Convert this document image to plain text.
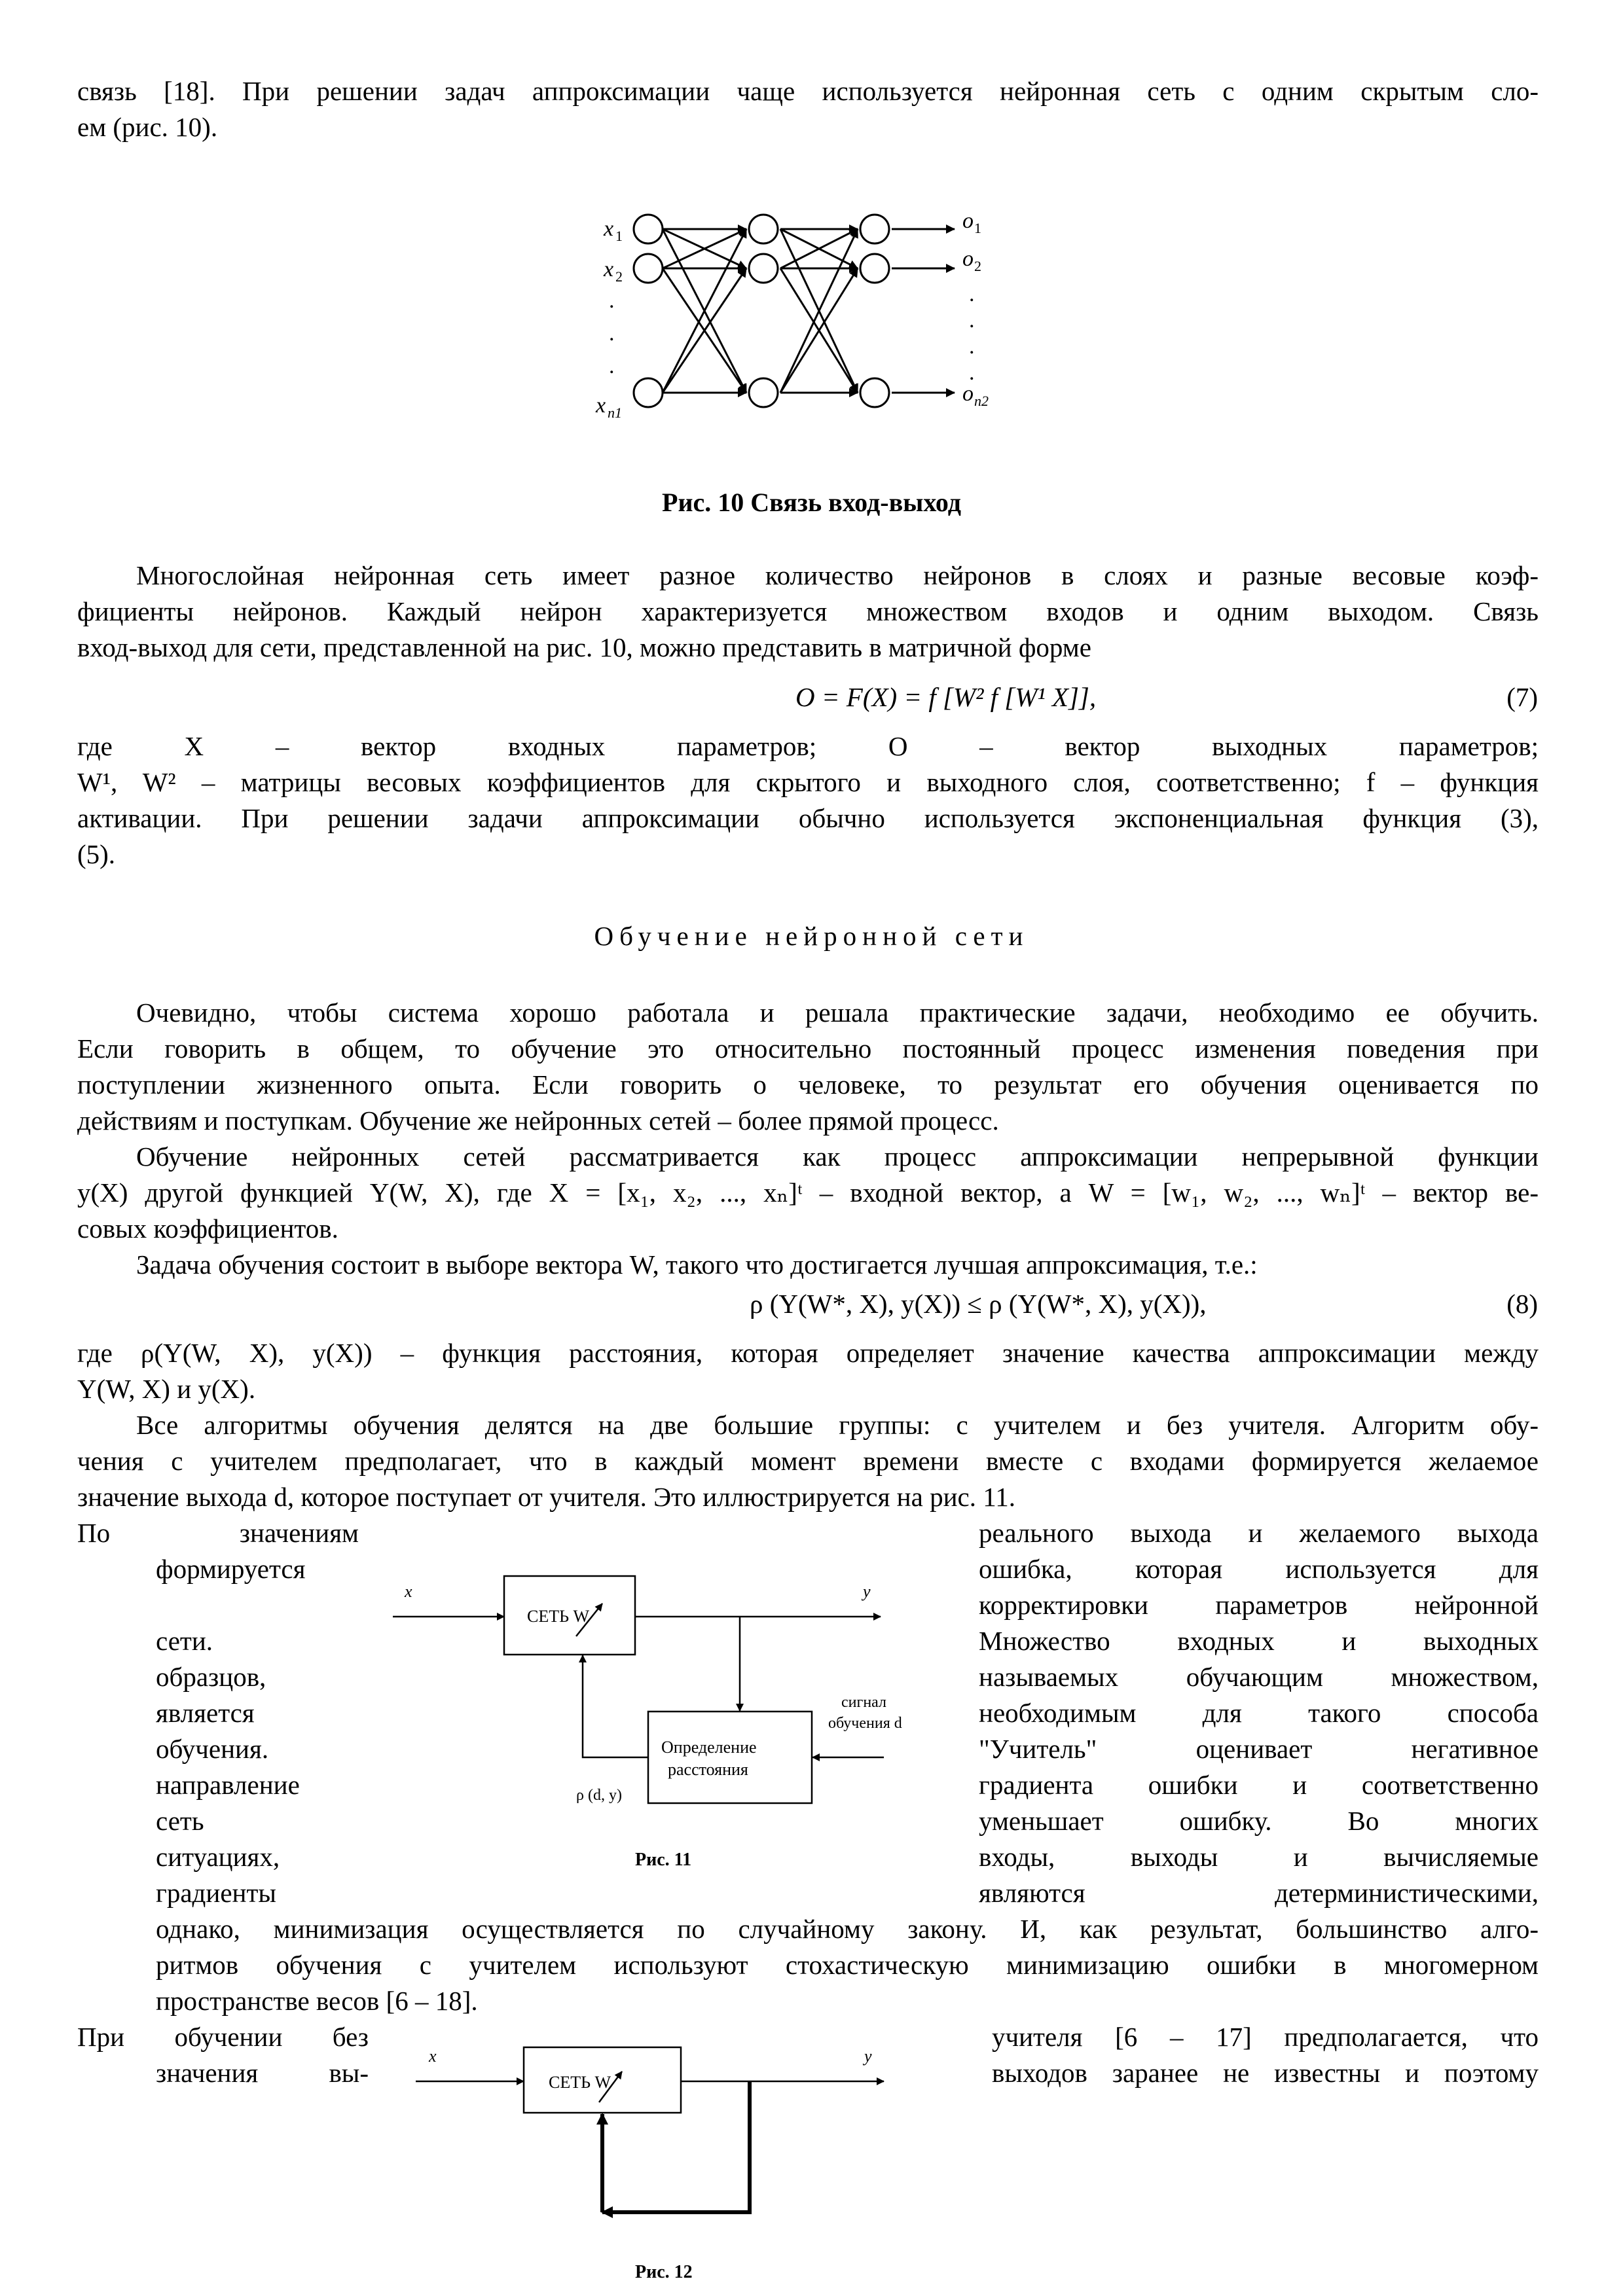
связь [18]. При решении задач аппроксимации чаще используется нейронная сеть с одним скрытым сло-
ем (рис. 10).
x 1
x 2
.
.
.
x n1
o 1
o 2
.
.
.
.
o n2
Рис. 10 Связь вход-выход
Многослойная нейронная сеть имеет разное количество нейронов в слоях и разные весовые коэф-
фициенты нейронов. Каждый нейрон характеризуется множеством входов и одним выходом. Связь
вход-выход для сети, представленной на рис. 10, можно представить в матричной форме
O = F(X) = f [W² f [W¹ X]],	(7)
где X – вектор входных параметров; O – вектор выходных параметров;
W¹, W² – матрицы весовых коэффициентов для скрытого и выходного слоя, соответственно; f – функция
активации. При решении задачи аппроксимации обычно используется экспоненциальная функция (3),
(5).
Обучение нейронной сети
Очевидно, чтобы система хорошо работала и решала практические задачи, необходимо ее обучить.
Если говорить в общем, то обучение это относительно постоянный процесс изменения поведения при
поступлении жизненного опыта. Если говорить о человеке, то результат его обучения оценивается по
действиям и поступкам. Обучение же нейронных сетей – более прямой процесс.
Обучение нейронных сетей рассматривается как процесс аппроксимации непрерывной функции
y(X) другой функцией Y(W, X), где X = [x₁, x₂, ..., xₙ]ᵗ – входной вектор, а W = [w₁, w₂, ..., wₙ]ᵗ – вектор ве-
совых коэффициентов.
Задача обучения состоит в выборе вектора W, такого что достигается лучшая аппроксимация, т.е.:
ρ (Y(W*, X), y(X)) ≤ ρ (Y(W*, X), y(X)),	(8)
где ρ(Y(W, X), y(X)) – функция расстояния, которая определяет значение качества аппроксимации между
Y(W, X) и y(X).
Все алгоритмы обучения делятся на две большие группы: с учителем и без учителя. Алгоритм обу-
чения с учителем предполагает, что в каждый момент времени вместе с входами формируется желаемое
значение выхода d, которое поступает от учителя. Это иллюстрируется на рис. 11.
По значениям
формируется
сети.
образцов,
является
обучения.
направление
сеть
ситуациях,
градиенты
реального выхода и желаемого выхода
ошибка, которая используется для
корректировки параметров нейронной
Множество входных и выходных
называемых обучающим множеством,
необходимым для такого способа
"Учитель" оценивает негативное
градиента ошибки и соответственно
уменьшает ошибку. Во многих
входы, выходы и вычисляемые
являются детерминистическими,
x
СЕТЬ W
y
Определение
расстояния
сигнал
обучения d
ρ (d, y)
Рис. 11
однако, минимизация осуществляется по случайному закону. И, как результат, большинство алго-
ритмов обучения с учителем используют стохастическую минимизацию ошибки в многомерном
пространстве весов [6 – 18].
При обучении без
значения вы-
учителя [6 – 17] предполагается, что
выходов заранее не известны и поэтому
x
СЕТЬ W
y
Рис. 12
